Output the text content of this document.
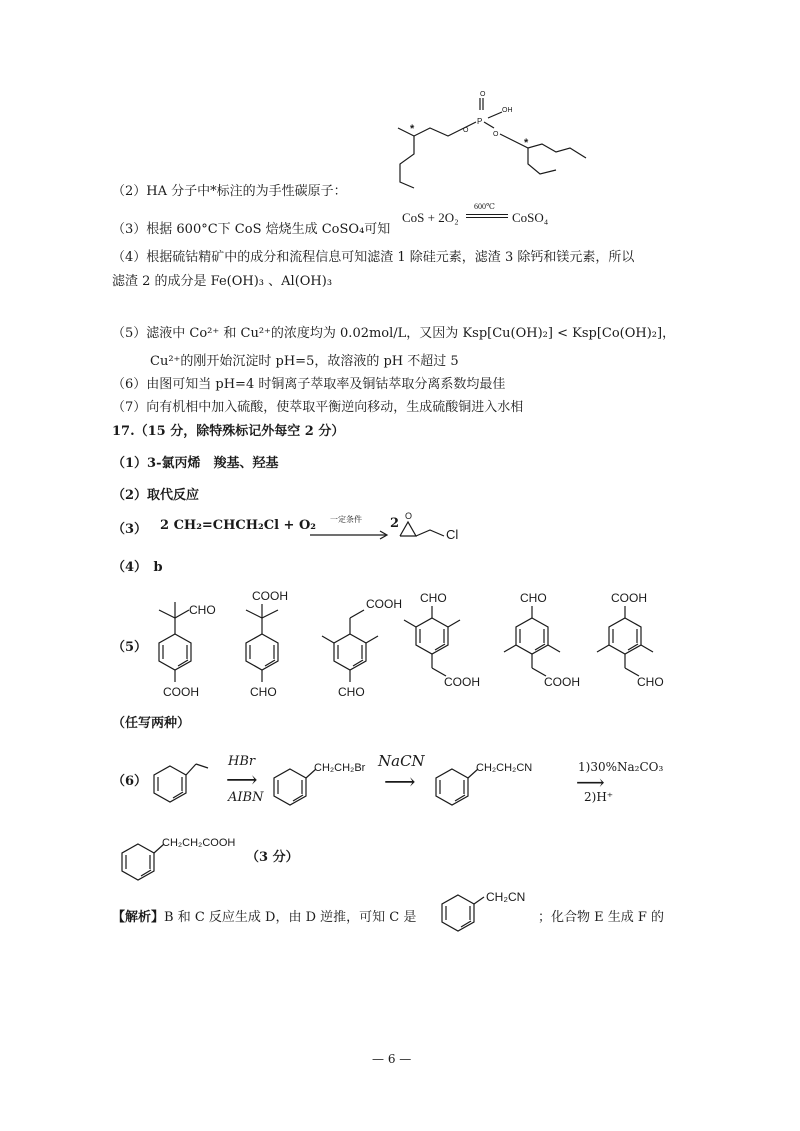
O
OH
P
O
O
*
*
（2）HA 分子中*标注的为手性碳原子：
（3）根据 600°C下 CoS 焙烧生成 CoSO₄可知
CoS + 2O₂
600℃
CoSO₄
（4）根据硫钴精矿中的成分和流程信息可知滤渣 1 除硅元素，滤渣 3 除钙和镁元素，所以
滤渣 2 的成分是 Fe(OH)₃ 、Al(OH)₃
（5）滤液中 Co²⁺ 和 Cu²⁺的浓度均为 0.02mol/L，又因为 Ksp[Cu(OH)₂] < Ksp[Co(OH)₂]，
Cu²⁺的刚开始沉淀时 pH=5，故溶液的 pH 不超过 5
（6）由图可知当 pH=4 时铜离子萃取率及铜钴萃取分离系数均最佳
（7）向有机相中加入硫酸，使萃取平衡逆向移动，生成硫酸铜进入水相
17.（15 分，除特殊标记外每空 2 分）
（1）3-氯丙烯　羧基、羟基
（2）取代反应
（3） 2 CH₂=CHCH₂Cl + O₂ 一定条件 2 O
Cl
（4）　b
（5）
CHO
COOH
COOH
CHO
COOH
CHO
CHO
COOH
CHO
COOH
COOH
CHO
（任写两种）
（6）
HBr
⟶
AIBN
CH₂CH₂Br NaCN
⟶
CH₂CH₂CN	1)30%Na₂CO₃
⟶
2)H⁺
CH₂CH₂COOH
（3 分）
【解析】B 和 C 反应生成 D，由 D 逆推，可知 C 是
CH₂CN
；化合物 E 生成 F 的
— 6 —
